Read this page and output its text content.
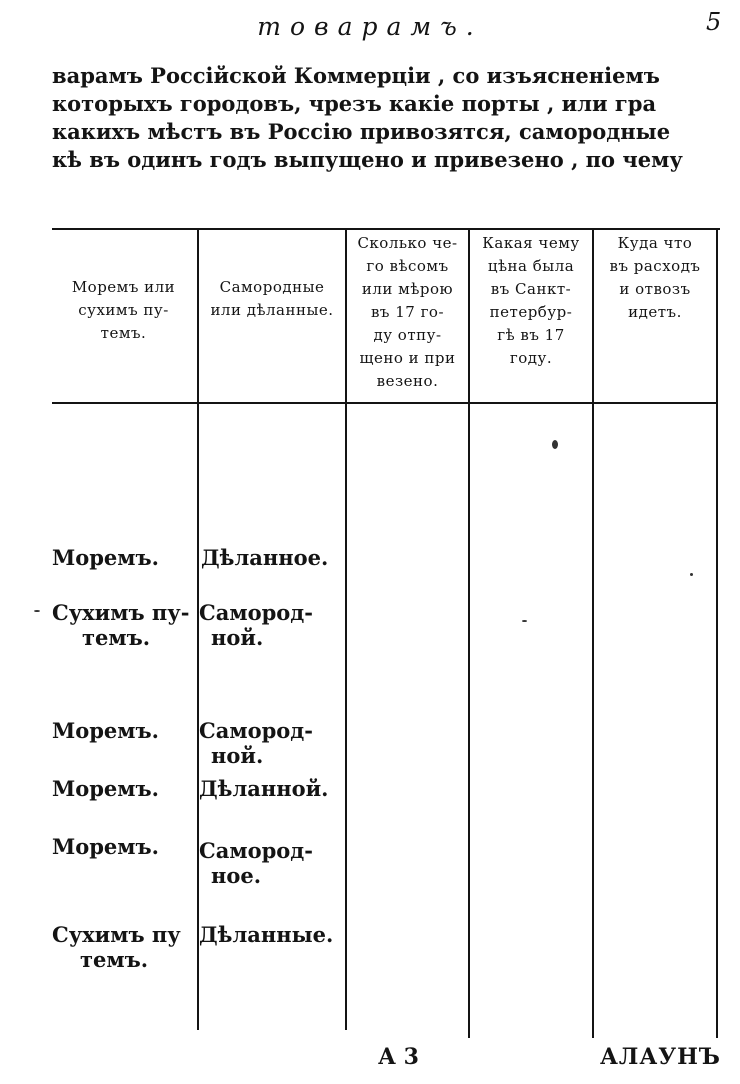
товарамъ.	5
варамъ Россiйской Коммерцiи , со изъясненiемъ
которыхъ городовъ, чрезъ какiе порты , или гра
какихъ мѣстъ въ Россiю привозятся, самородные
кѣ въ одинъ годъ выпущено и привезено , по чему
Моремъ или
сухимъ пу-
темъ.
Самородные
или дѣланные.
Сколько че-
го вѣсомъ
или мѣрою
въ 17 го-
ду отпу-
щено и при
везено.
Какая чему
цѣна была
въ Санкт-
петербур-
гѣ въ 17
году.
Куда что
въ расходъ
и отвозъ
идетъ.
Моремъ. Дѣланное.
Сухимъ пу-
темъ.
Самород-
ной.
Моремъ. Самород-
ной.
Моремъ. Дѣланной.
Моремъ. Самород-
ное.
Сухимъ пу
темъ.
Дѣланные.
А 3	АЛАУНЪ
